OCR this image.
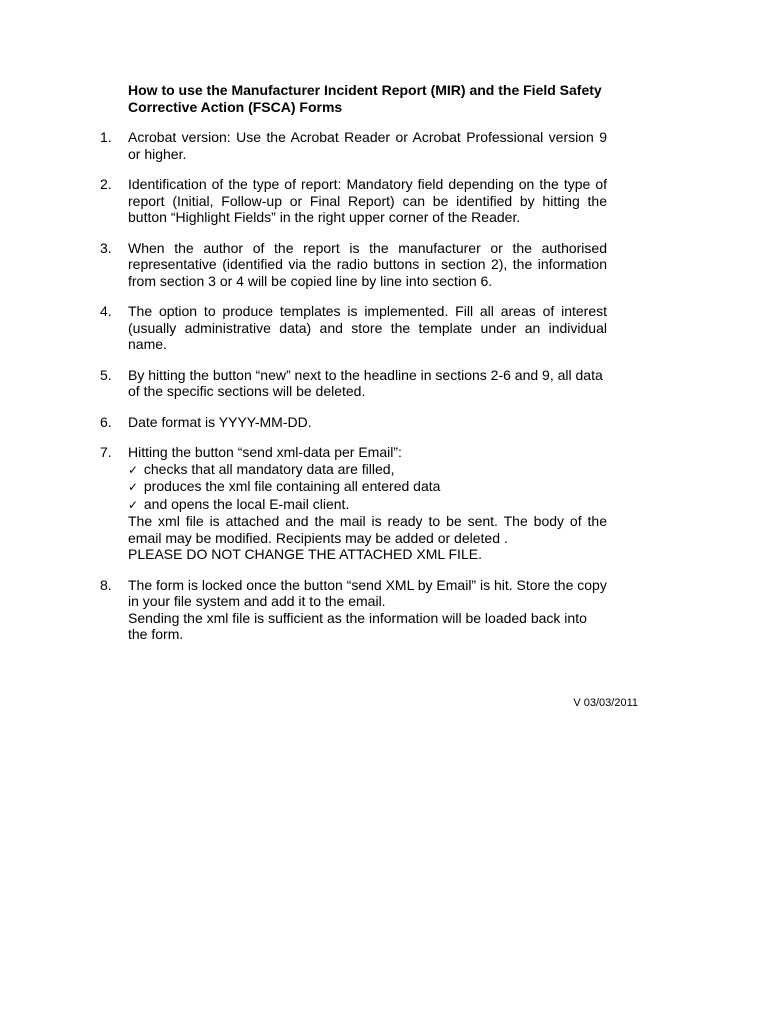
How to use the Manufacturer Incident Report (MIR) and the Field Safety Corrective Action (FSCA) Forms
1.	Acrobat version: Use the Acrobat Reader or Acrobat Professional version 9 or higher.
2.	Identification of the type of report: Mandatory field depending on the type of report (Initial, Follow-up or Final Report) can be identified by hitting the button “Highlight Fields” in the right upper corner of the Reader.
3.	When the author of the report is the manufacturer or the authorised representative (identified via the radio buttons in section 2), the information from section 3 or 4 will be copied line by line into section 6.
4.	The option to produce templates is implemented. Fill all areas of interest (usually administrative data) and store the template under an individual name.
5.	By hitting the button “new” next to the headline in sections 2-6 and 9, all data of the specific sections will be deleted.
6.	Date format is YYYY-MM-DD.
7.	Hitting the button “send xml-data per Email”:
✓ checks that all mandatory data are filled,
✓ produces the xml file containing all entered data
✓ and opens the local E-mail client.
The xml file is attached and the mail is ready to be sent. The body of the email may be modified. Recipients may be added or deleted .
PLEASE DO NOT CHANGE THE ATTACHED XML FILE.
8.	The form is locked once the button “send XML by Email” is hit. Store the copy in your file system and add it to the email.
Sending the xml file is sufficient as the information will be loaded back into the form.
V 03/03/2011
